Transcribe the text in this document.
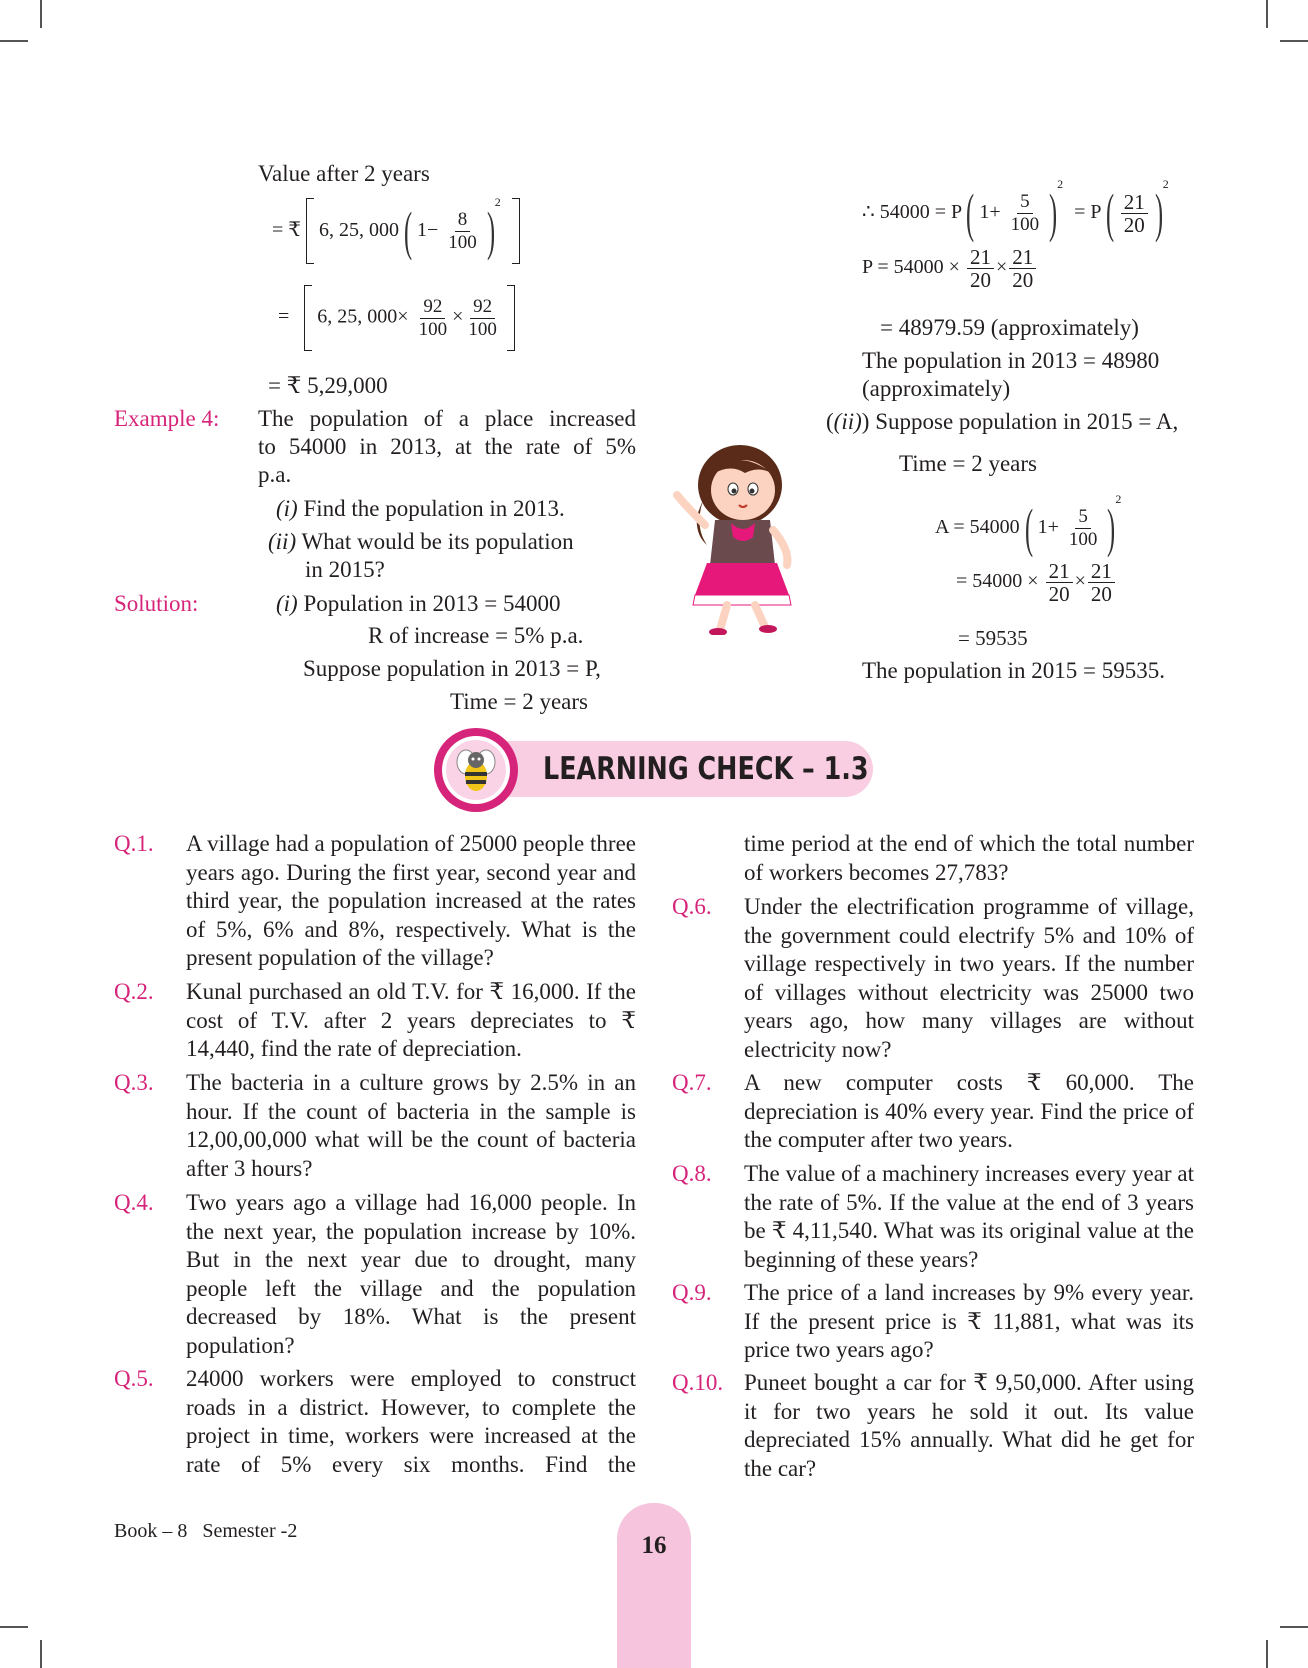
Value after 2 years
= ₹ 6, 25, 000 ( $1- \frac{8}{100} )^2$
= 6, 25, $000\times \frac{92}{100} \times \frac{92}{100}$

= ₹ 5,29,000
Example 4: The population of a place increased
to 54000 in 2013, at the rate of 5%
p.a.
(i) Find the population in 2013.
(ii) What would be its population
in 2015?
Solution:	(i) Population in 2013 = 54000
R of increase = 5% p.a.
Suppose population in 2013 = P,
Time = 2 years
∴ 54000 = P ( $1+ \frac{5}{100} )^2 = P$ ( $\frac{21}{20} )^2$
$P = 54000 \times \frac{21}{20} \times \frac{21}{20}$
= 48979.59 (approximately)
The population in 2013 = 48980
(approximately)
((ii)) Suppose population in 2015 = A,
Time = 2 years
A = 54000 ( $1+ \frac{5}{100} )^2$
= $54000 \times \frac{21}{20} \times \frac{21}{20}$
= 59535
The population in 2015 = 59535.
LEARNING CHECK – 1.3
Q.1. A village had a population of 25000 people three years ago. During the first year, second year and third year, the population increased at the rates of 5%, 6% and 8%, respectively. What is the present population of the village?
Q.2. Kunal purchased an old T.V. for ₹ 16,000. If the cost of T.V. after 2 years depreciates to ₹ 14,440, find the rate of depreciation.
Q.3. The bacteria in a culture grows by 2.5% in an hour. If the count of bacteria in the sample is 12,00,00,000 what will be the count of bacteria after 3 hours?
Q.4. Two years ago a village had 16,000 people. In the next year, the population increase by 10%. But in the next year due to drought, many people left the village and the population decreased by 18%. What is the present population?
Q.5. 24000 workers were employed to construct roads in a district. However, to complete the project in time, workers were increased at the rate of 5% every six months. Find the
time period at the end of which the total number of workers becomes 27,783?
Q.6. Under the electrification programme of village, the government could electrify 5% and 10% of village respectively in two years. If the number of villages without electricity was 25000 two years ago, how many villages are without electricity now?
Q.7. A new computer costs ₹ 60,000. The depreciation is 40% every year. Find the price of the computer after two years.
Q.8. The value of a machinery increases every year at the rate of 5%. If the value at the end of 3 years be ₹ 4,11,540. What was its original value at the beginning of these years?
Q.9. The price of a land increases by 9% every year. If the present price is ₹ 11,881, what was its price two years ago?
Q.10. Puneet bought a car for ₹ 9,50,000. After using it for two years he sold it out. Its value depreciated 15% annually. What did he get for the car?
Book – 8 Semester -2
16
